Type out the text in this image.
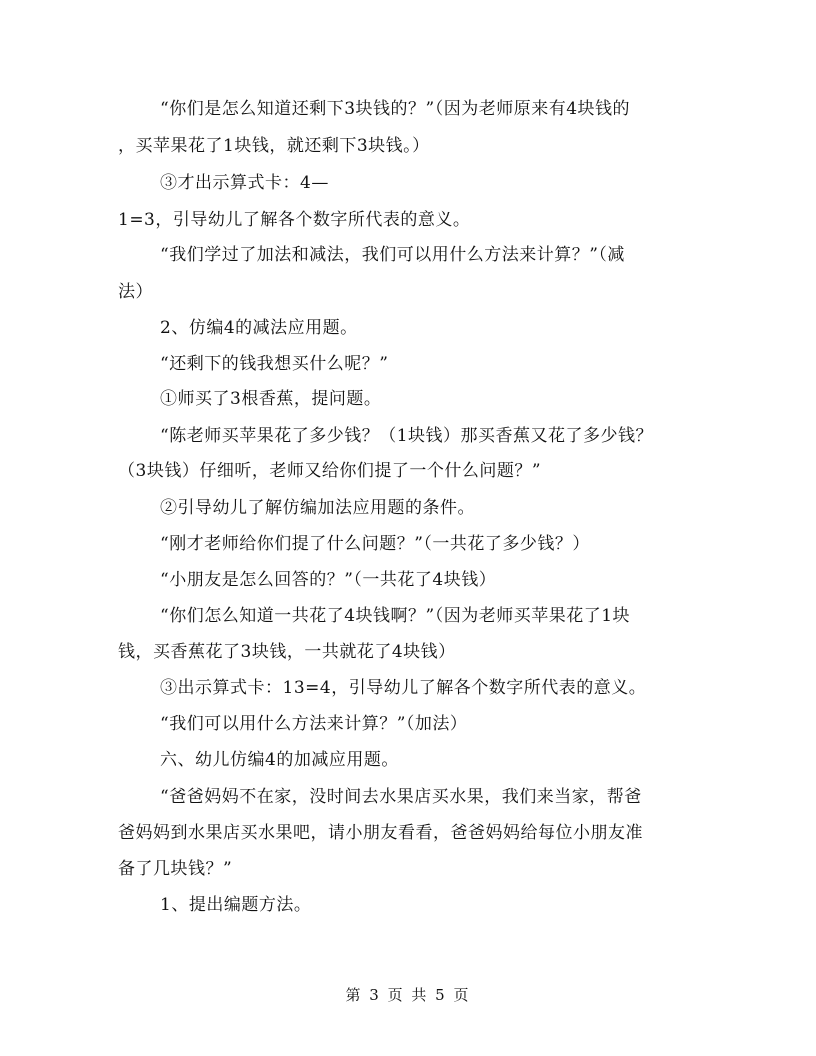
“你们是怎么知道还剩下3块钱的？”（因为老师原来有4块钱的
，买苹果花了1块钱，就还剩下3块钱。）
③才出示算式卡：4—
1=3，引导幼儿了解各个数字所代表的意义。
“我们学过了加法和减法，我们可以用什么方法来计算？”（减
法）
2、仿编4的减法应用题。
“还剩下的钱我想买什么呢？”
①师买了3根香蕉，提问题。
“陈老师买苹果花了多少钱？（1块钱）那买香蕉又花了多少钱？
（3块钱）仔细听，老师又给你们提了一个什么问题？”
②引导幼儿了解仿编加法应用题的条件。
“刚才老师给你们提了什么问题？”（一共花了多少钱？）
“小朋友是怎么回答的？”（一共花了4块钱）
“你们怎么知道一共花了4块钱啊？”（因为老师买苹果花了1块
钱，买香蕉花了3块钱，一共就花了4块钱）
③出示算式卡：13=4，引导幼儿了解各个数字所代表的意义。
“我们可以用什么方法来计算？”（加法）
六、幼儿仿编4的加减应用题。
“爸爸妈妈不在家，没时间去水果店买水果，我们来当家，帮爸
爸妈妈到水果店买水果吧，请小朋友看看，爸爸妈妈给每位小朋友准
备了几块钱？”
1、提出编题方法。
第 3 页 共 5 页
